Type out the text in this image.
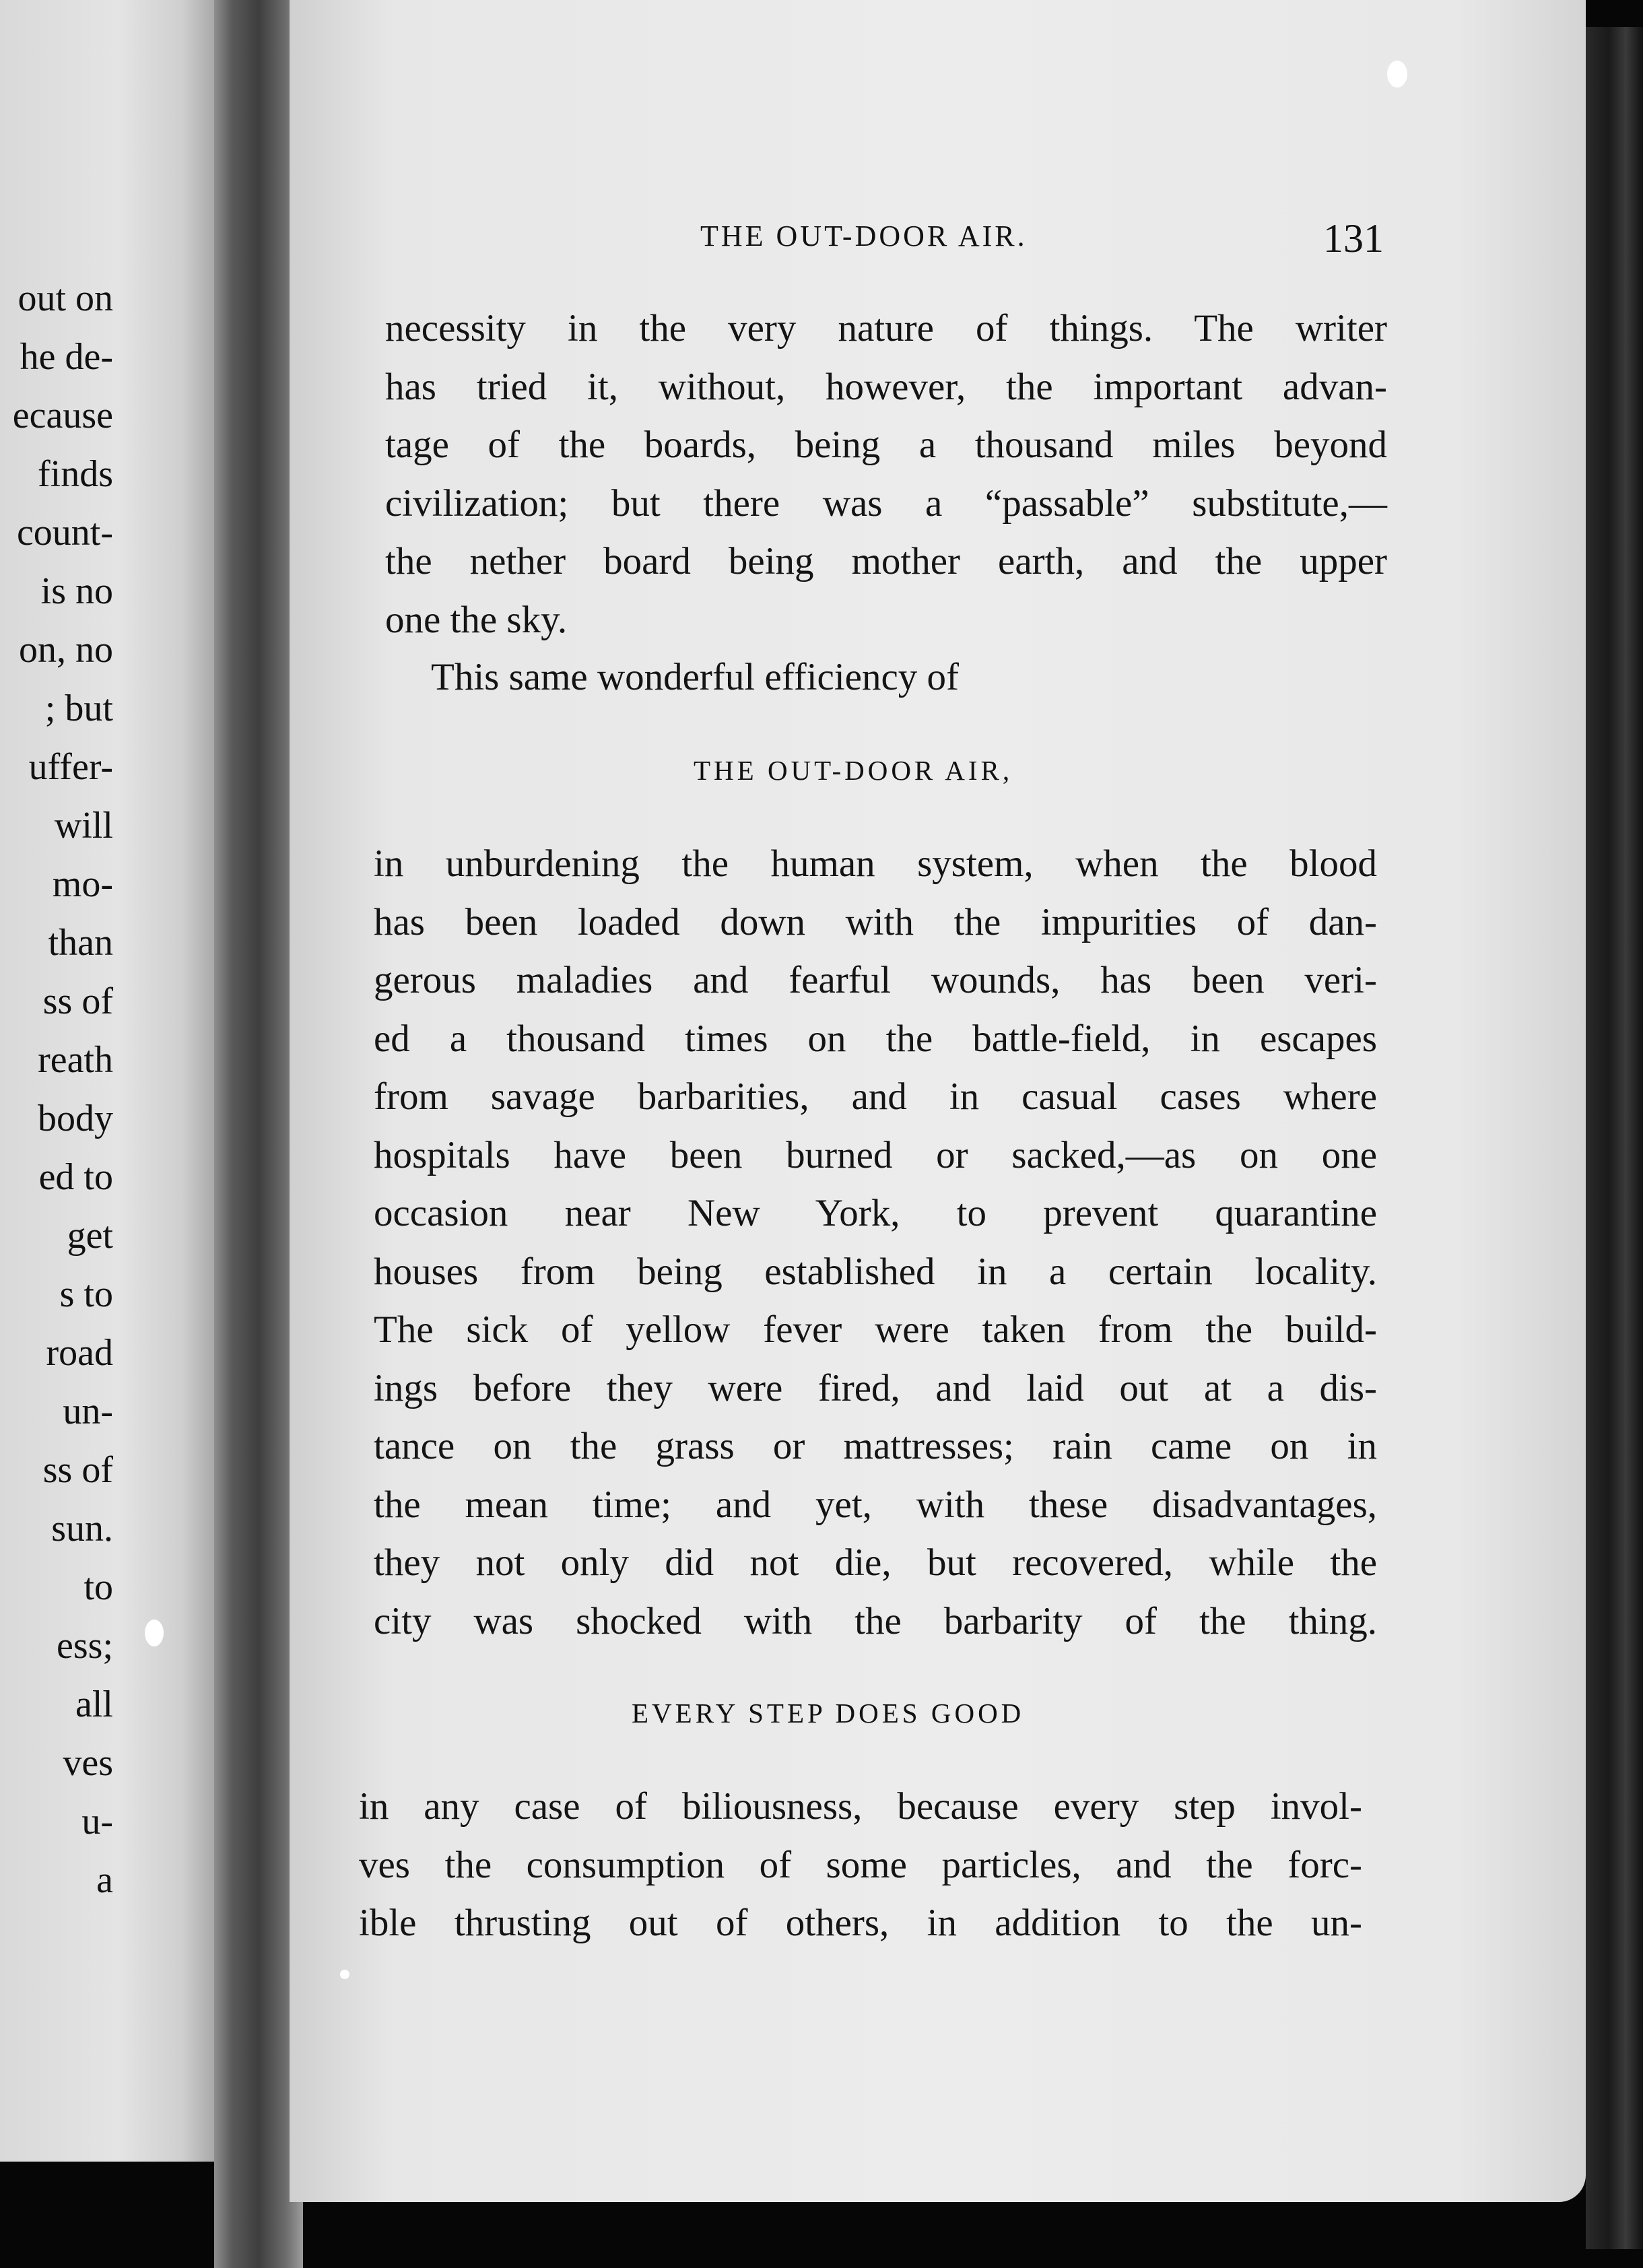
out on
he de-
ecause
finds
count-
is no
on, no
; but
uffer-
will
mo-
than
ss of
reath
body
ed to
get
s to
road
un-
ss of
sun.
to
ess;
all
ves
u-
a
THE OUT-DOOR AIR.	131
necessity in the very nature of things. The writer
has tried it, without, however, the important advan-
tage of the boards, being a thousand miles beyond
civilization; but there was a “passable” substitute,—
the nether board being mother earth, and the upper
one the sky.
This same wonderful efficiency of
THE OUT-DOOR AIR,
in unburdening the human system, when the blood
has been loaded down with the impurities of dan-
gerous maladies and fearful wounds, has been veri-
ed a thousand times on the battle-field, in escapes
from savage barbarities, and in casual cases where
hospitals have been burned or sacked,—as on one
occasion near New York, to prevent quarantine
houses from being established in a certain locality.
The sick of yellow fever were taken from the build-
ings before they were fired, and laid out at a dis-
tance on the grass or mattresses; rain came on in
the mean time; and yet, with these disadvantages,
they not only did not die, but recovered, while the
city was shocked with the barbarity of the thing.
EVERY STEP DOES GOOD
in any case of biliousness, because every step invol-
ves the consumption of some particles, and the forc-
ible thrusting out of others, in addition to the un-
